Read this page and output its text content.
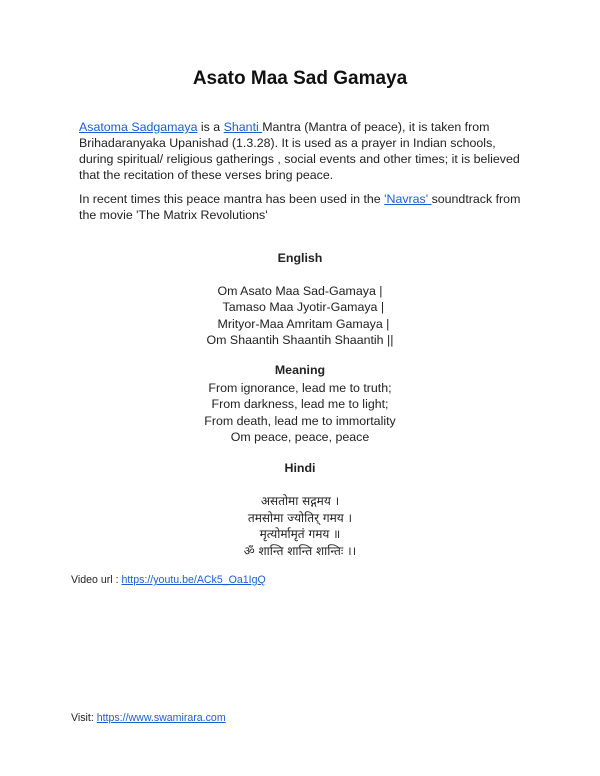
Asato Maa Sad Gamaya

Asatoma Sadgamaya is a Shanti Mantra (Mantra of peace), it is taken from Brihadaranyaka Upanishad (1.3.28). It is used as a prayer in Indian schools, during spiritual/ religious gatherings , social events and other times; it is believed that the recitation of these verses bring peace.

In recent times this peace mantra has been used in the 'Navras' soundtrack from the movie 'The Matrix Revolutions'

English

Om Asato Maa Sad-Gamaya |
Tamaso Maa Jyotir-Gamaya |
Mrityor-Maa Amritam Gamaya |
Om Shaantih Shaantih Shaantih ||

Meaning

From ignorance, lead me to truth;
From darkness, lead me to light;
From death, lead me to immortality
Om peace, peace, peace

Hindi

असतोमा सद्गमय ।
तमसोमा ज्योतिर् गमय ।
मृत्योर्मामृतं गमय ॥
ॐ शान्ति शान्ति शान्तिः ।।

Video url : https://youtu.be/ACk5_Oa1IgQ

Visit: https://www.swamirara.com
